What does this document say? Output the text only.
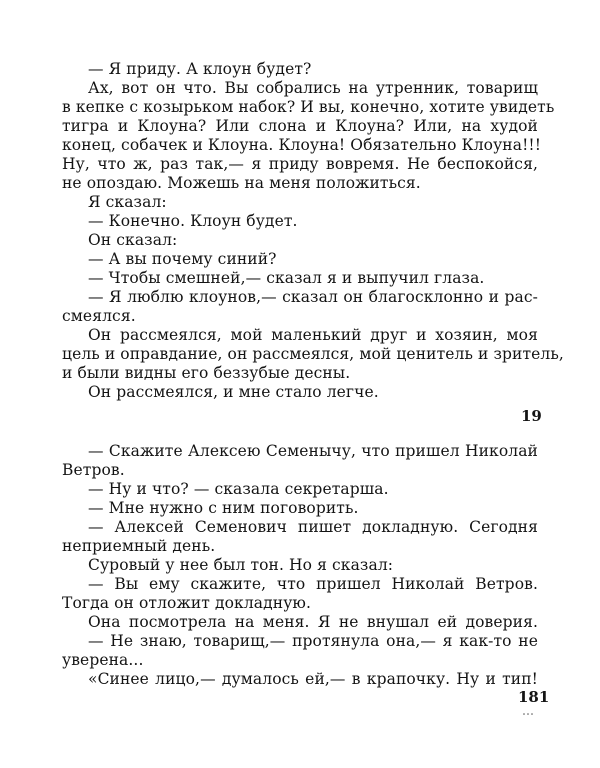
— Я приду. А клоун будет?
Ах, вот он что. Вы собрались на утренник, товарищ
в кепке с козырьком набок? И вы, конечно, хотите увидеть
тигра и Клоуна? Или слона и Клоуна? Или, на худой
конец, собачек и Клоуна. Клоуна! Обязательно Клоуна!!!
Ну, что ж, раз так,— я приду вовремя. Не беспокойся,
не опоздаю. Можешь на меня положиться.
Я сказал:
— Конечно. Клоун будет.
Он сказал:
— А вы почему синий?
— Чтобы смешней,— сказал я и выпучил глаза.
— Я люблю клоунов,— сказал он благосклонно и рас-
смеялся.
Он рассмеялся, мой маленький друг и хозяин, моя
цель и оправдание, он рассмеялся, мой ценитель и зритель,
и были видны его беззубые десны.
Он рассмеялся, и мне стало легче.
19
— Скажите Алексею Семенычу, что пришел Николай
Ветров.
— Ну и что? — сказала секретарша.
— Мне нужно с ним поговорить.
— Алексей Семенович пишет докладную. Сегодня
неприемный день.
Суровый у нее был тон. Но я сказал:
— Вы ему скажите, что пришел Николай Ветров.
Тогда он отложит докладную.
Она посмотрела на меня. Я не внушал ей доверия.
— Не знаю, товарищ,— протянула она,— я как-то не
уверена...
«Синее лицо,— думалось ей,— в крапочку. Ну и тип!
181
